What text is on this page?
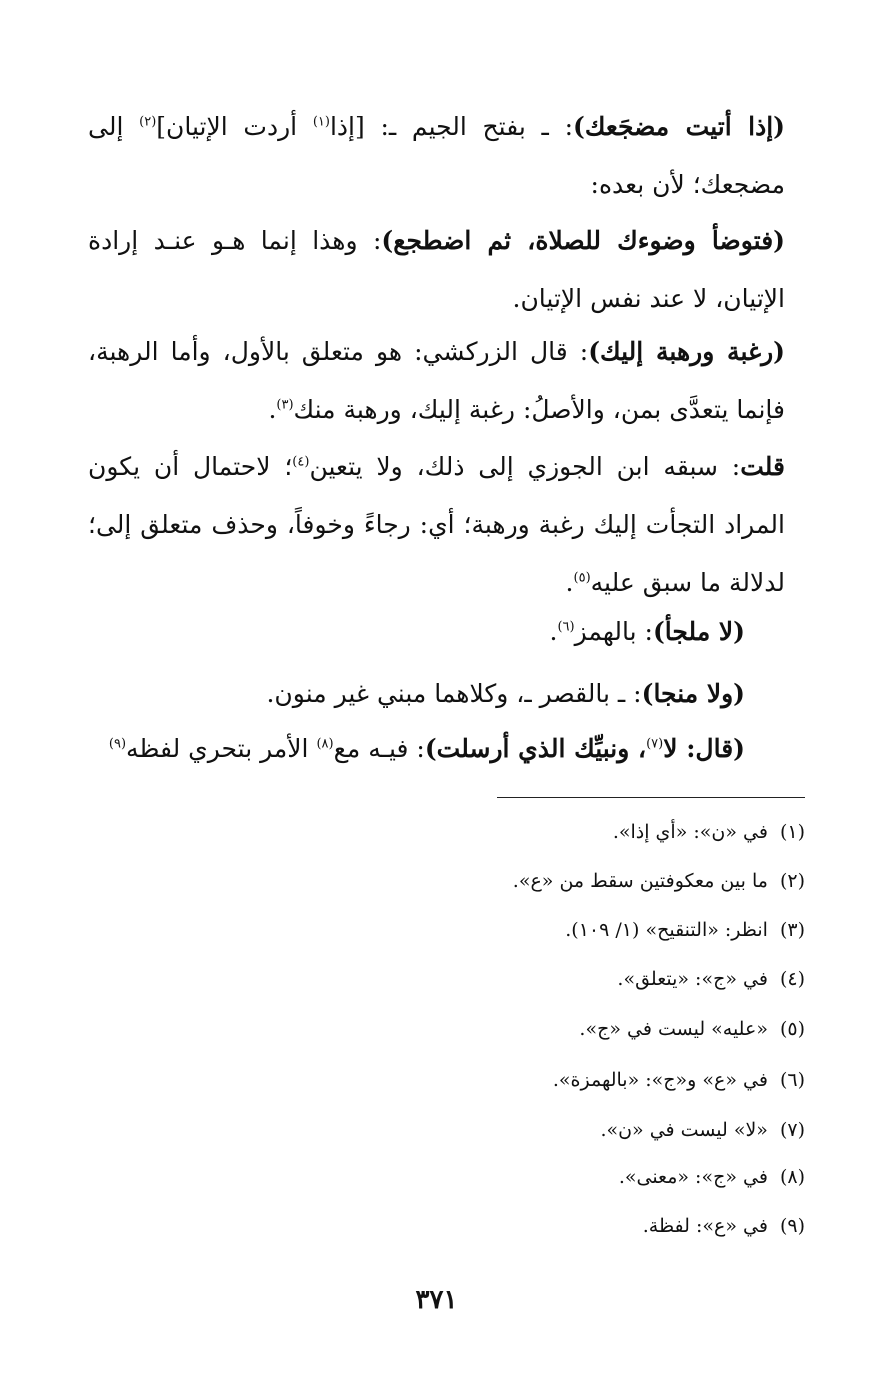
(إذا أتيت مضجَعك): ـ بفتح الجيم ـ: [إذا$^{(١)}$ أردت الإتيان]$^{(٢)}$ إلى مضجعك؛ لأن بعده:
(فتوضأ وضوءك للصلاة، ثم اضطجع): وهذا إنما هـو عنـد إرادة الإتيان، لا عند نفس الإتيان.
(رغبة ورهبة إليك): قال الزركشي: هو متعلق بالأول، وأما الرهبة، فإنما يتعدَّى بمن، والأصلُ: رغبة إليك، ورهبة منك$^{(٣)}$.
قلت: سبقه ابن الجوزي إلى ذلك، ولا يتعين$^{(٤)}$؛ لاحتمال أن يكون المراد التجأت إليك رغبة ورهبة؛ أي: رجاءً وخوفاً، وحذف متعلق إلى؛ لدلالة ما سبق عليه$^{(٥)}$.
(لا ملجأ): بالهمز$^{(٦)}$.
(ولا منجا): ـ بالقصر ـ، وكلاهما مبني غير منون.
(قال: لا$^{(٧)}$، ونبيِّك الذي أرسلت): فيـه مع$^{(٨)}$ الأمر بتحري لفظه$^{(٩)}$
(١)في «ن»: «أي إذا».
(٢)ما بين معكوفتين سقط من «ع».
(٣)انظر: «التنقيح» (١/ ١٠٩).
(٤)في «ج»: «يتعلق».
(٥)«عليه» ليست في «ج».
(٦)في «ع» و«ج»: «بالهمزة».
(٧)«لا» ليست في «ن».
(٨)في «ج»: «معنى».
(٩)في «ع»: لفظة.
٣٧١
